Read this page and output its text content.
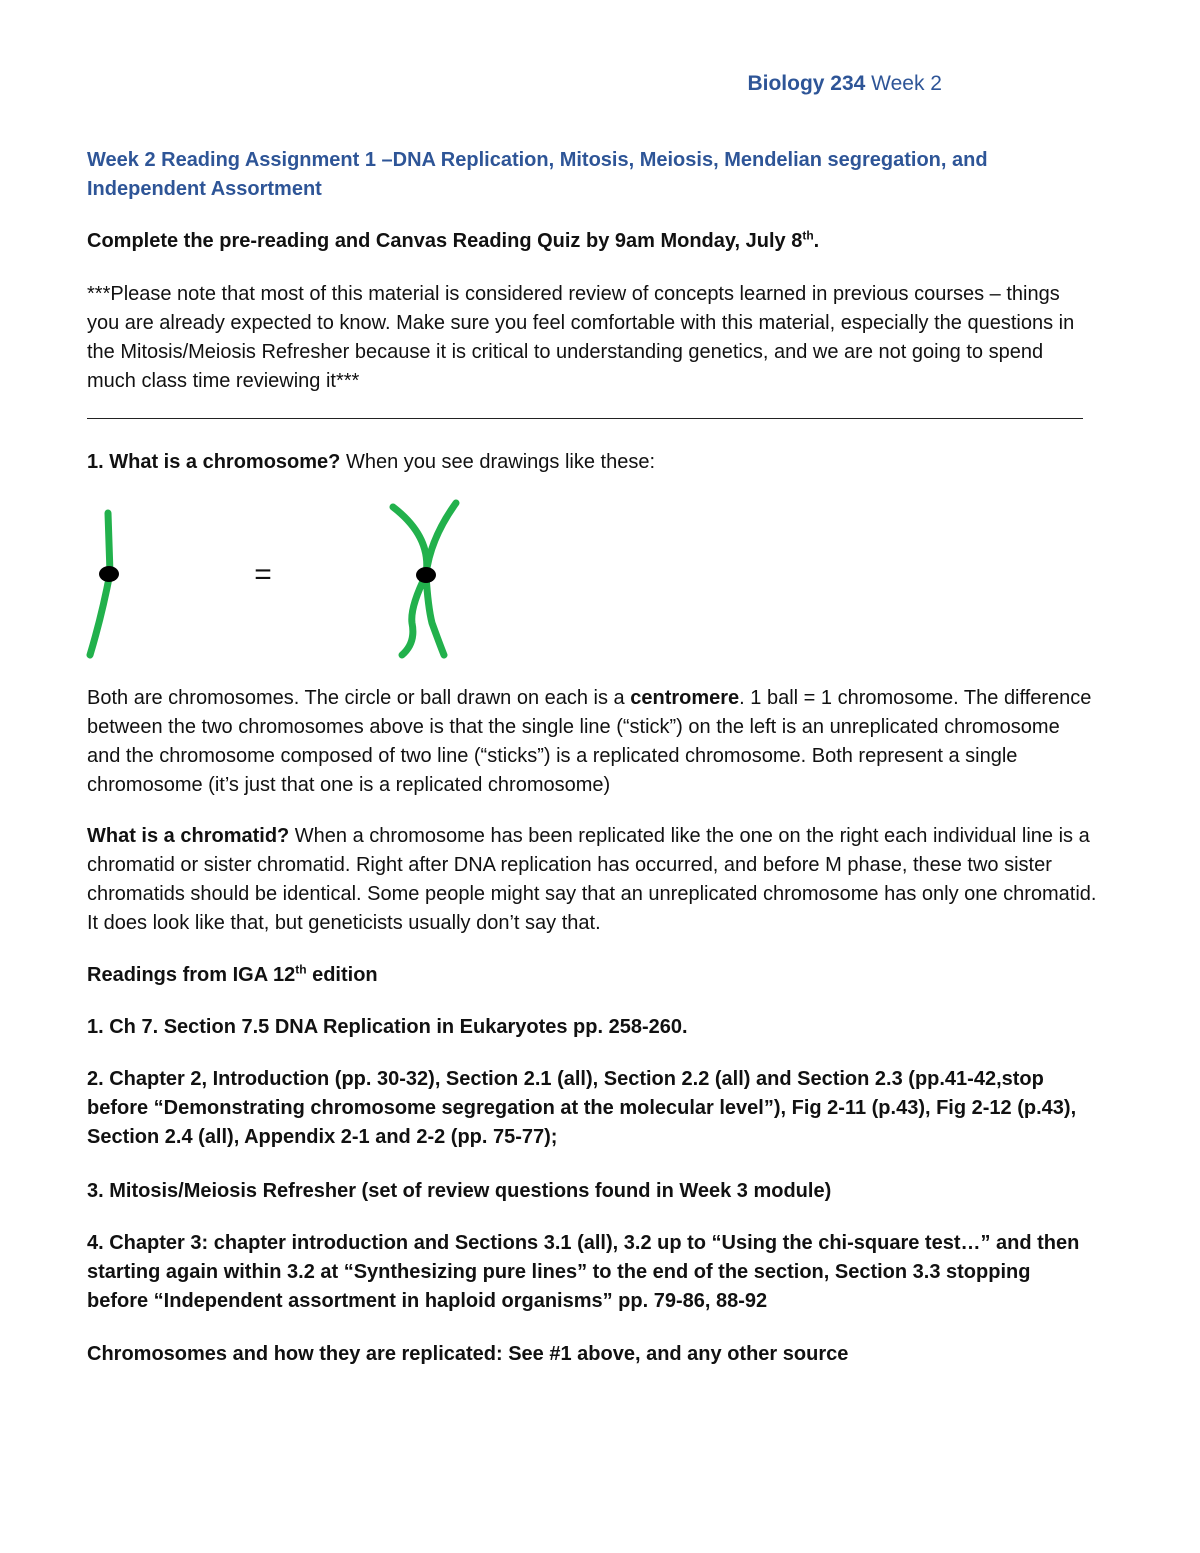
Biology 234 Week 2
Week 2 Reading Assignment 1 –DNA Replication, Mitosis, Meiosis, Mendelian segregation, and Independent Assortment

Complete the pre-reading and Canvas Reading Quiz by 9am Monday, July 8th.

***Please note that most of this material is considered review of concepts learned in previous courses – things you are already expected to know. Make sure you feel comfortable with this material, especially the questions in the Mitosis/Meiosis Refresher because it is critical to understanding genetics, and we are not going to spend much class time reviewing it***

1. What is a chromosome? When you see drawings like these:

=

Both are chromosomes. The circle or ball drawn on each is a centromere. 1 ball = 1 chromosome. The difference between the two chromosomes above is that the single line (“stick”) on the left is an unreplicated chromosome and the chromosome composed of two line (“sticks”) is a replicated chromosome. Both represent a single chromosome (it’s just that one is a replicated chromosome)

What is a chromatid? When a chromosome has been replicated like the one on the right each individual line is a chromatid or sister chromatid. Right after DNA replication has occurred, and before M phase, these two sister chromatids should be identical. Some people might say that an unreplicated chromosome has only one chromatid. It does look like that, but geneticists usually don’t say that.

Readings from IGA 12th edition

1. Ch 7. Section 7.5 DNA Replication in Eukaryotes pp. 258-260.

2. Chapter 2, Introduction (pp. 30-32), Section 2.1 (all), Section 2.2 (all) and Section 2.3 (pp.41-42,stop before “Demonstrating chromosome segregation at the molecular level”), Fig 2-11 (p.43), Fig 2-12 (p.43), Section 2.4 (all), Appendix 2-1 and 2-2 (pp. 75-77);

3. Mitosis/Meiosis Refresher (set of review questions found in Week 3 module)

4. Chapter 3: chapter introduction and Sections 3.1 (all), 3.2 up to “Using the chi-square test…” and then starting again within 3.2 at “Synthesizing pure lines” to the end of the section, Section 3.3 stopping before “Independent assortment in haploid organisms” pp. 79-86, 88-92

Chromosomes and how they are replicated: See #1 above, and any other source
